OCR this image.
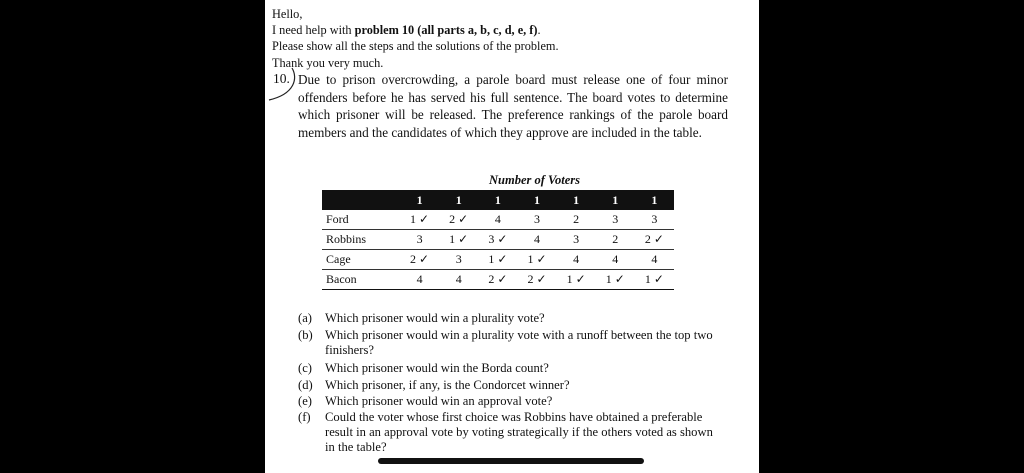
Hello,
I need help with problem 10 (all parts a, b, c, d, e, f).
Please show all the steps and the solutions of the problem.
Thank you very much.
10. Due to prison overcrowding, a parole board must release one of four minor offenders before he has served his full sentence. The board votes to determine which prisoner will be released. The preference rankings of the parole board members and the candidates of which they approve are included in the table.
Number of Voters
	1	1	1	1	1	1	1
Ford	1 ✓	2 ✓	4	3	2	3	3
Robbins	3	1 ✓	3 ✓	4	3	2	2 ✓
Cage	2 ✓	3	1 ✓	1 ✓	4	4	4
Bacon	4	4	2 ✓	2 ✓	1 ✓	1 ✓	1 ✓
(a)	Which prisoner would win a plurality vote?
(b) Which prisoner would win a plurality vote with a runoff between the top two finishers?
(c)	Which prisoner would win the Borda count?
(d) Which prisoner, if any, is the Condorcet winner?
(e)	Which prisoner would win an approval vote?
(f)	Could the voter whose first choice was Robbins have obtained a preferable result in an approval vote by voting strategically if the others voted as shown in the table?
